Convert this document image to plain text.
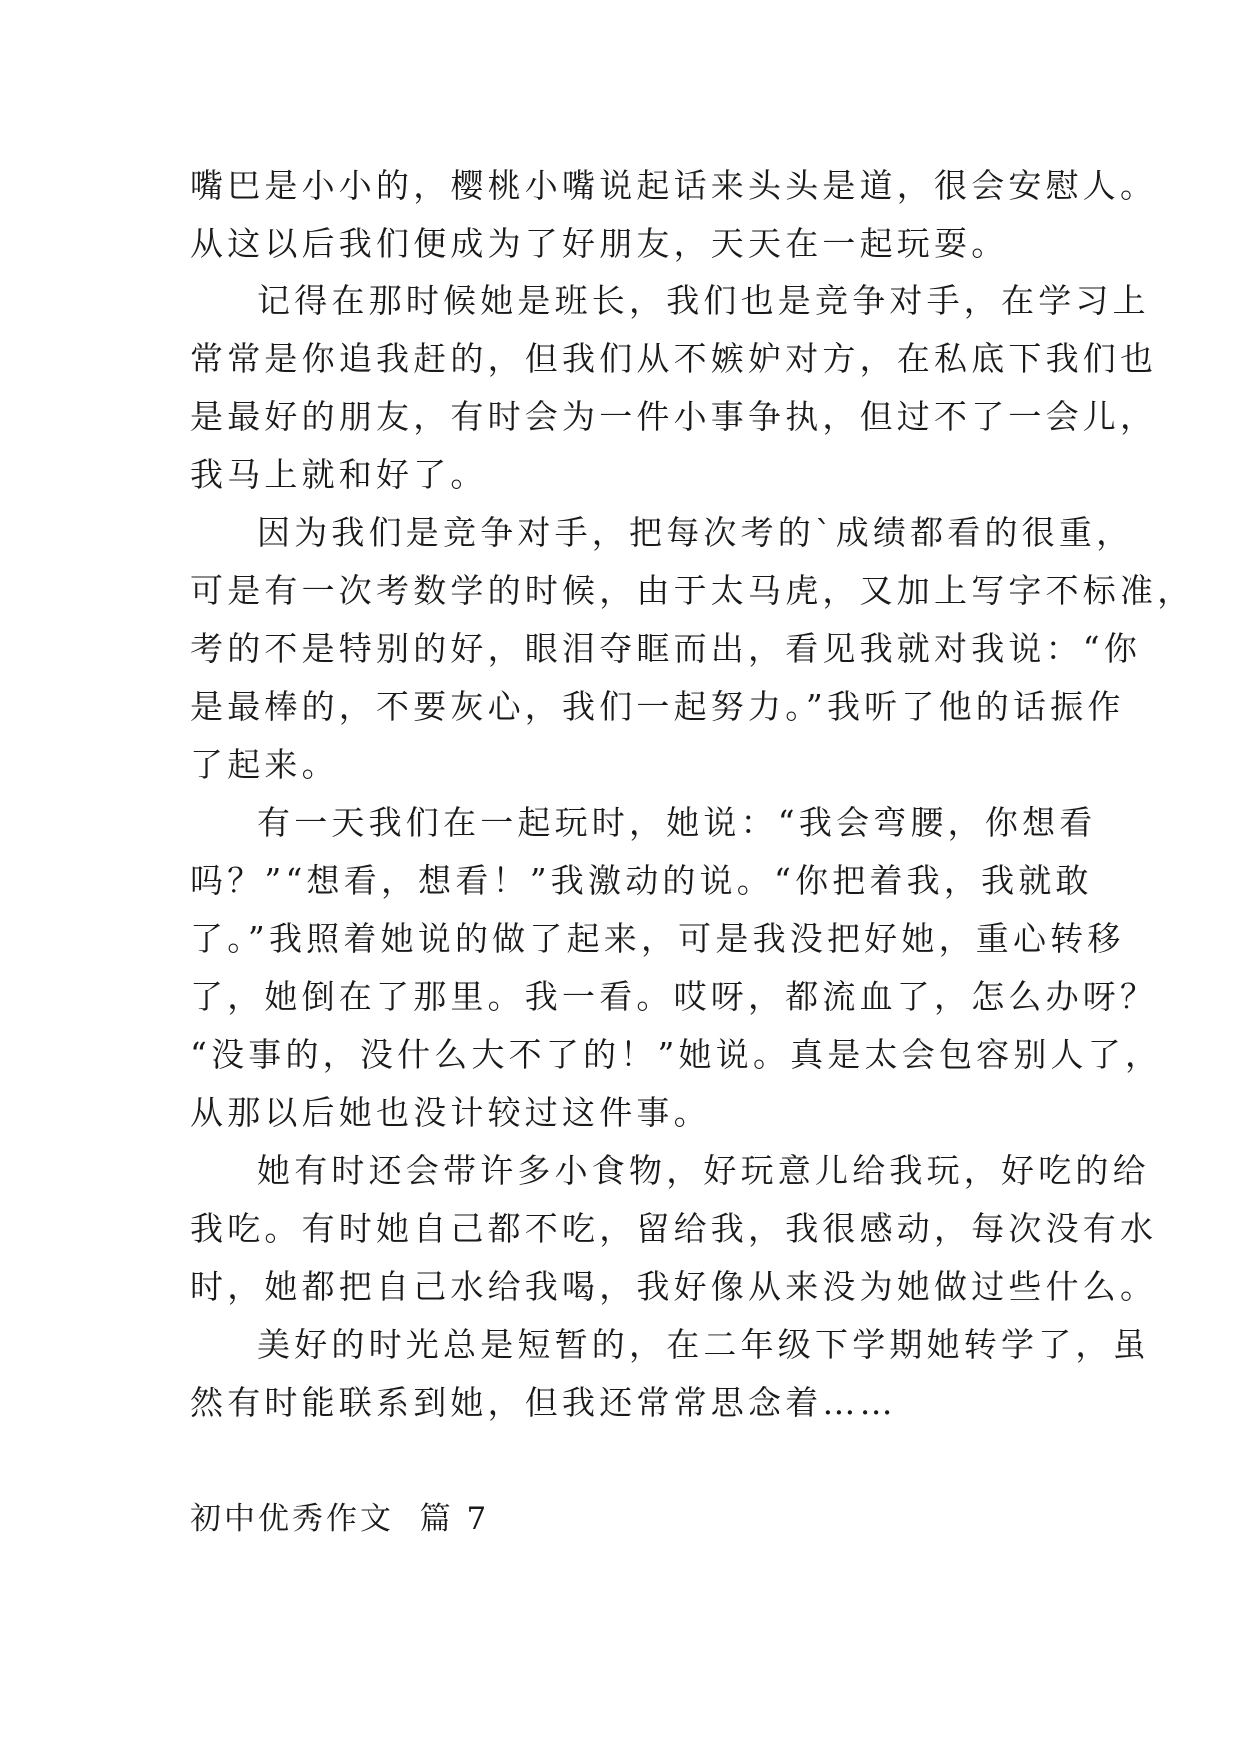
嘴巴是小小的，樱桃小嘴说起话来头头是道，很会安慰人。
从这以后我们便成为了好朋友，天天在一起玩耍。
记得在那时候她是班长，我们也是竞争对手，在学习上
常常是你追我赶的，但我们从不嫉妒对方，在私底下我们也
是最好的朋友，有时会为一件小事争执，但过不了一会儿，
我马上就和好了。
因为我们是竞争对手，把每次考的`成绩都看的很重，
可是有一次考数学的时候，由于太马虎，又加上写字不标准，
考的不是特别的好，眼泪夺眶而出，看见我就对我说：“你
是最棒的，不要灰心，我们一起努力。”我听了他的话振作
了起来。
有一天我们在一起玩时，她说：“我会弯腰，你想看
吗？”“想看，想看！”我激动的说。“你把着我，我就敢
了。”我照着她说的做了起来，可是我没把好她，重心转移
了，她倒在了那里。我一看。哎呀，都流血了，怎么办呀？
“没事的，没什么大不了的！”她说。真是太会包容别人了，
从那以后她也没计较过这件事。
她有时还会带许多小食物，好玩意儿给我玩，好吃的给
我吃。有时她自己都不吃，留给我，我很感动，每次没有水
时，她都把自己水给我喝，我好像从来没为她做过些什么。
美好的时光总是短暂的，在二年级下学期她转学了，虽
然有时能联系到她，但我还常常思念着……
初中优秀作文  篇 7
